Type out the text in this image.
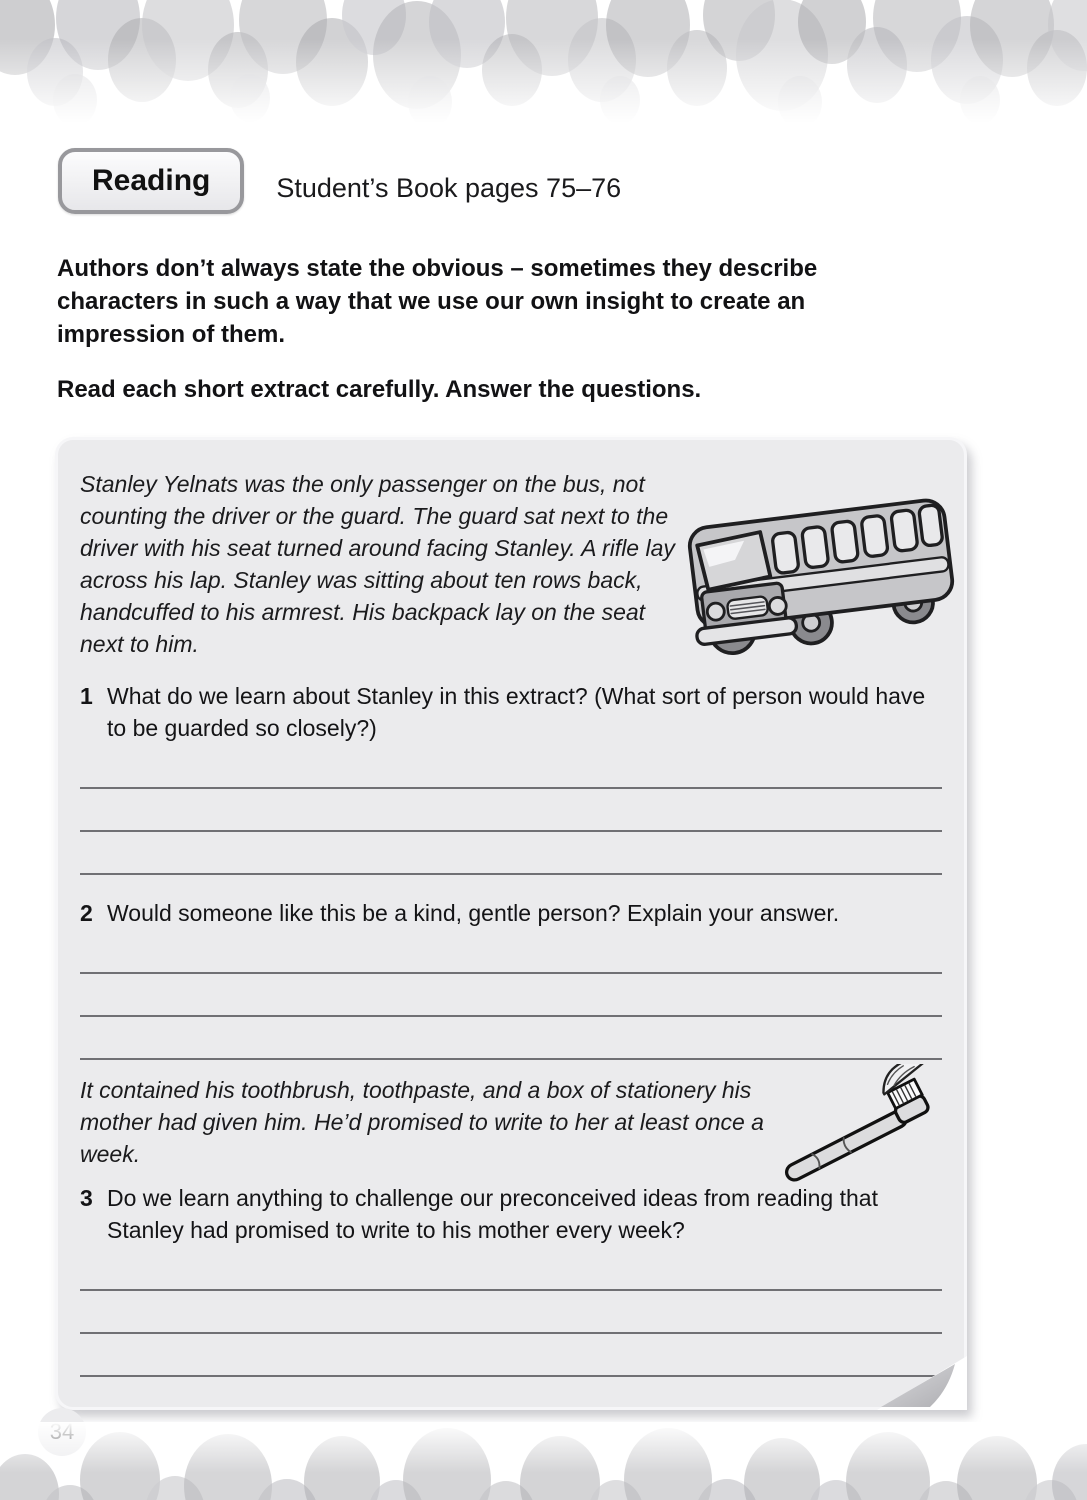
Reading	Student’s Book pages 75–76

Authors don’t always state the obvious – sometimes they describe characters in such a way that we use our own insight to create an impression of them.

Read each short extract carefully. Answer the questions.

Stanley Yelnats was the only passenger on the bus, not counting the driver or the guard. The guard sat next to the driver with his seat turned around facing Stanley. A rifle lay across his lap. Stanley was sitting about ten rows back, handcuffed to his armrest. His backpack lay on the seat next to him.

1 What do we learn about Stanley in this extract? (What sort of person would have to be guarded so closely?)
2 Would someone like this be a kind, gentle person? Explain your answer.

It contained his toothbrush, toothpaste, and a box of stationery his mother had given him. He’d promised to write to her at least once a week.

3 Do we learn anything to challenge our preconceived ideas from reading that Stanley had promised to write to his mother every week?
